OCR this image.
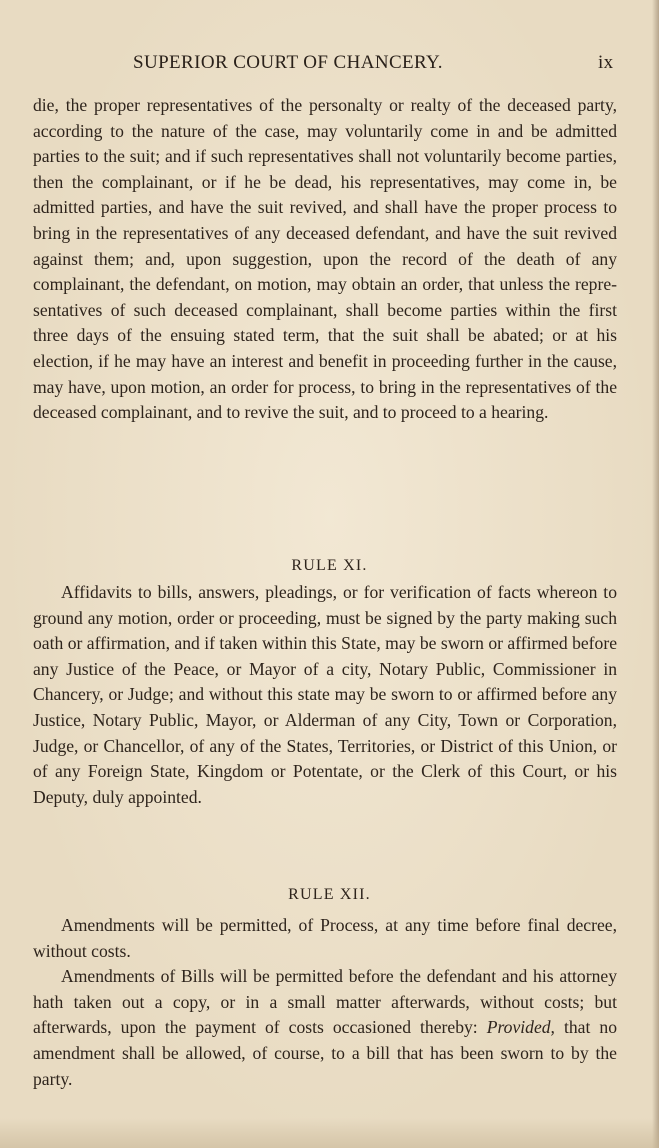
SUPERIOR COURT OF CHANCERY.	ix

die, the proper representatives of the personalty or realty of the deceased party, according to the nature of the case, may voluntarily come in and be admitted parties to the suit; and if such representatives shall not voluntarily become parties, then the complainant, or if he be dead, his representatives, may come in, be admitted parties, and have the suit revived, and shall have the proper process to bring in the representatives of any deceased defendant, and have the suit revived against them; and, upon suggestion, upon the record of the death of any complainant, the defendant, on motion, may obtain an order, that unless the representatives of such deceased complainant, shall become parties within the first three days of the ensuing stated term, that the suit shall be abated; or at his election, if he may have an interest and benefit in proceeding further in the cause, may have, upon motion, an order for process, to bring in the representatives of the deceased complainant, and to revive the suit, and to proceed to a hearing.

RULE XI.

Affidavits to bills, answers, pleadings, or for verification of facts whereon to ground any motion, order or proceeding, must be signed by the party making such oath or affirmation, and if taken within this State, may be sworn or affirmed before any Justice of the Peace, or Mayor of a city, Notary Public, Commissioner in Chancery, or Judge; and without this state may be sworn to or affirmed before any Justice, Notary Public, Mayor, or Alderman of any City, Town or Corporation, Judge, or Chancellor, of any of the States, Territories, or District of this Union, or of any Foreign State, Kingdom or Potentate, or the Clerk of this Court, or his Deputy, duly appointed.

RULE XII.

Amendments will be permitted, of Process, at any time before final decree, without costs.

Amendments of Bills will be permitted before the defendant and his attorney hath taken out a copy, or in a small matter afterwards, without costs; but afterwards, upon the payment of costs occasioned thereby: Provided, that no amendment shall be allowed, of course, to a bill that has been sworn to by the party.
